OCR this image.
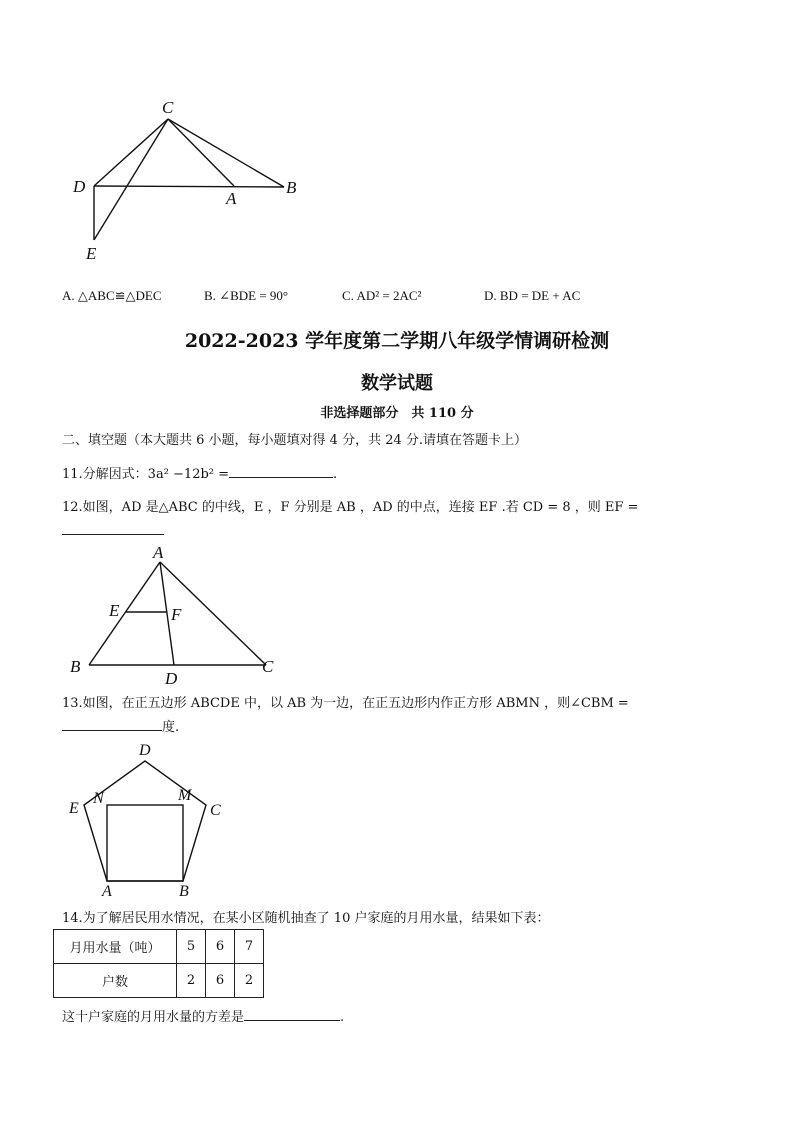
C
D
A
B
E
A. △ABC≌△DEC	B. ∠BDE = 90°	C. AD² = 2AC²	D. BD = DE + AC
2022-2023 学年度第二学期八年级学情调研检测
数学试题
非选择题部分　共 110 分
二、填空题（本大题共 6 小题，每小题填对得 4 分，共 24 分.请填在答题卡上）
11.分解因式：3a² −12b² =	.
12.如图，AD 是△ABC 的中线，E ，F 分别是 AB ，AD 的中点，连接 EF .若 CD = 8 ，则 EF =
A
E	F
B
D
C
13.如图，在正五边形 ABCDE 中，以 AB 为一边，在正五边形内作正方形 ABMN ，则∠CBM =
度.
D
E
N	M
C
A	B
14.为了解居民用水情况，在某小区随机抽查了 10 户家庭的月用水量，结果如下表：
月用水量（吨）	5	6	7
户数	2	6	2
这十户家庭的月用水量的方差是	.
